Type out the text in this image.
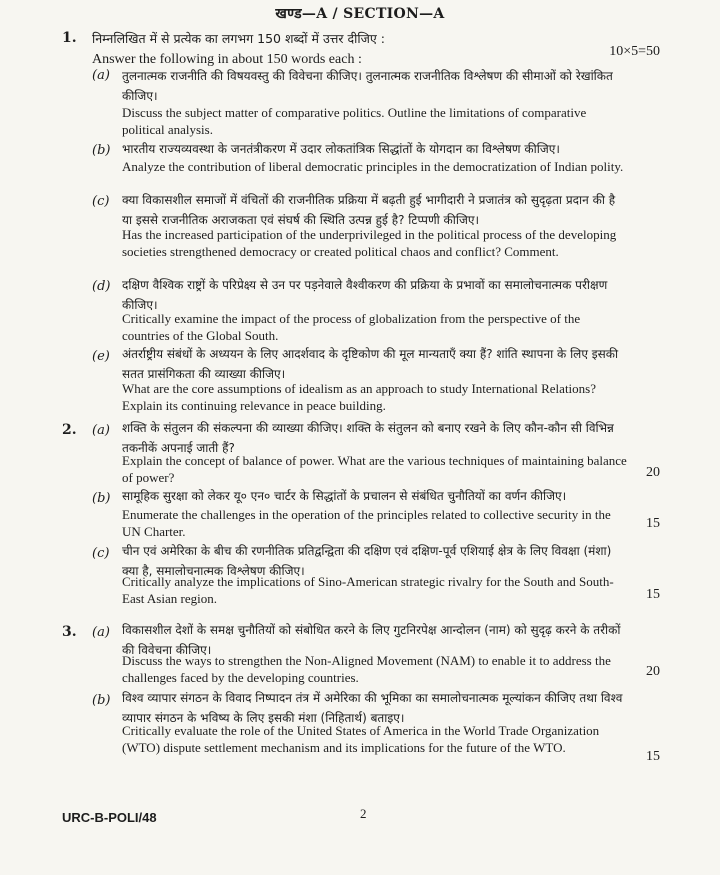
खण्ड—A / SECTION—A
1. निम्नलिखित में से प्रत्येक का लगभग 150 शब्दों में उत्तर दीजिए :
Answer the following in about 150 words each :
10×5=50
(a) तुलनात्मक राजनीति की विषयवस्तु की विवेचना कीजिए। तुलनात्मक राजनीतिक विश्लेषण की सीमाओं को रेखांकित कीजिए।
Discuss the subject matter of comparative politics. Outline the limitations of comparative political analysis.
(b) भारतीय राज्यव्यवस्था के जनतंत्रीकरण में उदार लोकतांत्रिक सिद्धांतों के योगदान का विश्लेषण कीजिए।
Analyze the contribution of liberal democratic principles in the democratization of Indian polity.
(c) क्या विकासशील समाजों में वंचितों की राजनीतिक प्रक्रिया में बढ़ती हुई भागीदारी ने प्रजातंत्र को सुदृढ़ता प्रदान की है या इससे राजनीतिक अराजकता एवं संघर्ष की स्थिति उत्पन्न हुई है? टिप्पणी कीजिए।
Has the increased participation of the underprivileged in the political process of the developing societies strengthened democracy or created political chaos and conflict? Comment.
(d) दक्षिण वैश्विक राष्ट्रों के परिप्रेक्ष्य से उन पर पड़नेवाले वैश्वीकरण की प्रक्रिया के प्रभावों का समालोचनात्मक परीक्षण कीजिए।
Critically examine the impact of the process of globalization from the perspective of the countries of the Global South.
(e) अंतर्राष्ट्रीय संबंधों के अध्ययन के लिए आदर्शवाद के दृष्टिकोण की मूल मान्यताएँ क्या हैं? शांति स्थापना के लिए इसकी सतत प्रासंगिकता की व्याख्या कीजिए।
What are the core assumptions of idealism as an approach to study International Relations? Explain its continuing relevance in peace building.
2. (a) शक्ति के संतुलन की संकल्पना की व्याख्या कीजिए। शक्ति के संतुलन को बनाए रखने के लिए कौन-कौन सी विभिन्न तकनीकें अपनाई जाती हैं?
Explain the concept of balance of power. What are the various techniques of maintaining balance of power?	20
(b) सामूहिक सुरक्षा को लेकर यू० एन० चार्टर के सिद्धांतों के प्रचालन से संबंधित चुनौतियों का वर्णन कीजिए।
Enumerate the challenges in the operation of the principles related to collective security in the UN Charter.
15
(c) चीन एवं अमेरिका के बीच की रणनीतिक प्रतिद्वन्द्विता की दक्षिण एवं दक्षिण-पूर्व एशियाई क्षेत्र के लिए विवक्षा (मंशा) क्या है, समालोचनात्मक विश्लेषण कीजिए।
Critically analyze the implications of Sino-American strategic rivalry for the South and South-East Asian region.	15
3. (a) विकासशील देशों के समक्ष चुनौतियों को संबोधित करने के लिए गुटनिरपेक्ष आन्दोलन (नाम) को सुदृढ़ करने के तरीकों की विवेचना कीजिए।
Discuss the ways to strengthen the Non-Aligned Movement (NAM) to enable it to address the challenges faced by the developing countries.	20
(b) विश्व व्यापार संगठन के विवाद निष्पादन तंत्र में अमेरिका की भूमिका का समालोचनात्मक मूल्यांकन कीजिए तथा विश्व व्यापार संगठन के भविष्य के लिए इसकी मंशा (निहितार्थ) बताइए।
Critically evaluate the role of the United States of America in the World Trade Organization (WTO) dispute settlement mechanism and its implications for the future of the WTO.
15
URC-B-POLI/48	2
